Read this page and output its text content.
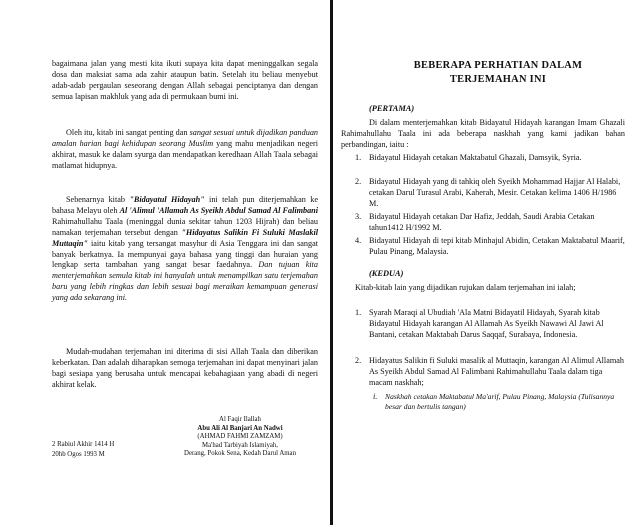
bagaimana jalan yang mesti kita ikuti supaya kita dapat meninggalkan segala dosa dan maksiat sama ada zahir ataupun batin. Setelah itu beliau menyebut adab-adab pergaulan seseorang dengan Allah sebagai penciptanya dan dengan semua lapisan makhluk yang ada di permukaan bumi ini.

Oleh itu, kitab ini sangat penting dan sangat sesuai untuk dijadikan panduan amalan harian bagi kehidupan seorang Muslim yang mahu menjadikan negeri akhirat, masuk ke dalam syurga dan mendapatkan keredhaan Allah Taala sebagai matlamat hidupnya.

Sebenarnya kitab "Bidayatul Hidayah" ini telah pun diterjemahkan ke bahasa Melayu oleh Al 'Alimul 'Allamah As Syeikh Abdul Samad Al Falimbani Rahimahullahu Taala (meninggal dunia sekitar tahun 1203 Hijrah) dan beliau namakan terjemahan tersebut dengan "Hidayatus Salikin Fi Suluki Maslakil Muttaqin" iaitu kitab yang tersangat masyhur di Asia Tenggara ini dan sangat banyak berkatnya. Ia mempunyai gaya bahasa yang tinggi dan huraian yang lengkap serta tambahan yang sangat besar faedahnya. Dan tujuan kita menterjemahkan semula kitab ini hanyalah untuk menampilkan satu terjemahan baru yang lebih ringkas dan lebih sesuai bagi meraikan kemampuan generasi yang ada sekarang ini.

Mudah-mudahan terjemahan ini diterima di sisi Allah Taala dan diberikan keberkatan. Dan adalah diharapkan semoga terjemahan ini dapat menyinari jalan bagi sesiapa yang berusaha untuk mencapai kebahagiaan yang abadi di negeri akhirat kelak.

Al Faqir Ilallah
Abu Ali Al Banjari An Nadwi
(AHMAD FAHMI ZAMZAM)
Ma'had Tarbiyah Islamiyah,
Derang, Pokok Sena, Kedah Darul Aman
2 Rabiul Akhir 1414 H
20hb Ogos 1993 M
BEBERAPA PERHATIAN DALAM
TERJEMAHAN INI
(PERTAMA)

Di dalam menterjemahkan kitab Bidayatul Hidayah karangan Imam Ghazali Rahimahullahu Taala ini ada beberapa naskhah yang kami jadikan bahan perbandingan, iaitu :

1. Bidayatul Hidayah cetakan Maktabatul Ghazali, Damsyik, Syria.

2. Bidayatul Hidayah yang di tahkiq oleh Syeikh Mohammad Hajjar Al Halabi, cetakan Darul Turasul Arabi, Kaherah, Mesir. Cetakan kelima 1406 H/1986 M.

3. Bidayatul Hidayah cetakan Dar Hafiz, Jeddah, Saudi Arabia Cetakan tahun1412 H/1992 M.

4. Bidayatul Hidayah di tepi kitab Minhajul Abidin, Cetakan Maktabatul Maarif, Pulau Pinang, Malaysia.

(KEDUA)

Kitab-kitab lain yang dijadikan rujukan dalam terjemahan ini ialah;

1. Syarah Maraqi al Ubudiah 'Ala Matni Bidayatil Hidayah, Syarah kitab Bidayatul Hidayah karangan Al Allamah As Syeikh Nawawi Al Jawi Al Bantani, cetakan Maktabah Darus Saqqaf, Surabaya, Indonesia.

2. Hidayatus Salikin fi Suluki masalik al Muttaqin, karangan Al Alimul Allamah As Syeikh Abdul Samad Al Falimbani Rahimahullahu Taala dalam tiga macam naskhah;

i. Naskhah cetakan Maktabatul Ma'arif, Pulau Pinang, Malaysia (Tulisannya besar dan bertulis tangan)
